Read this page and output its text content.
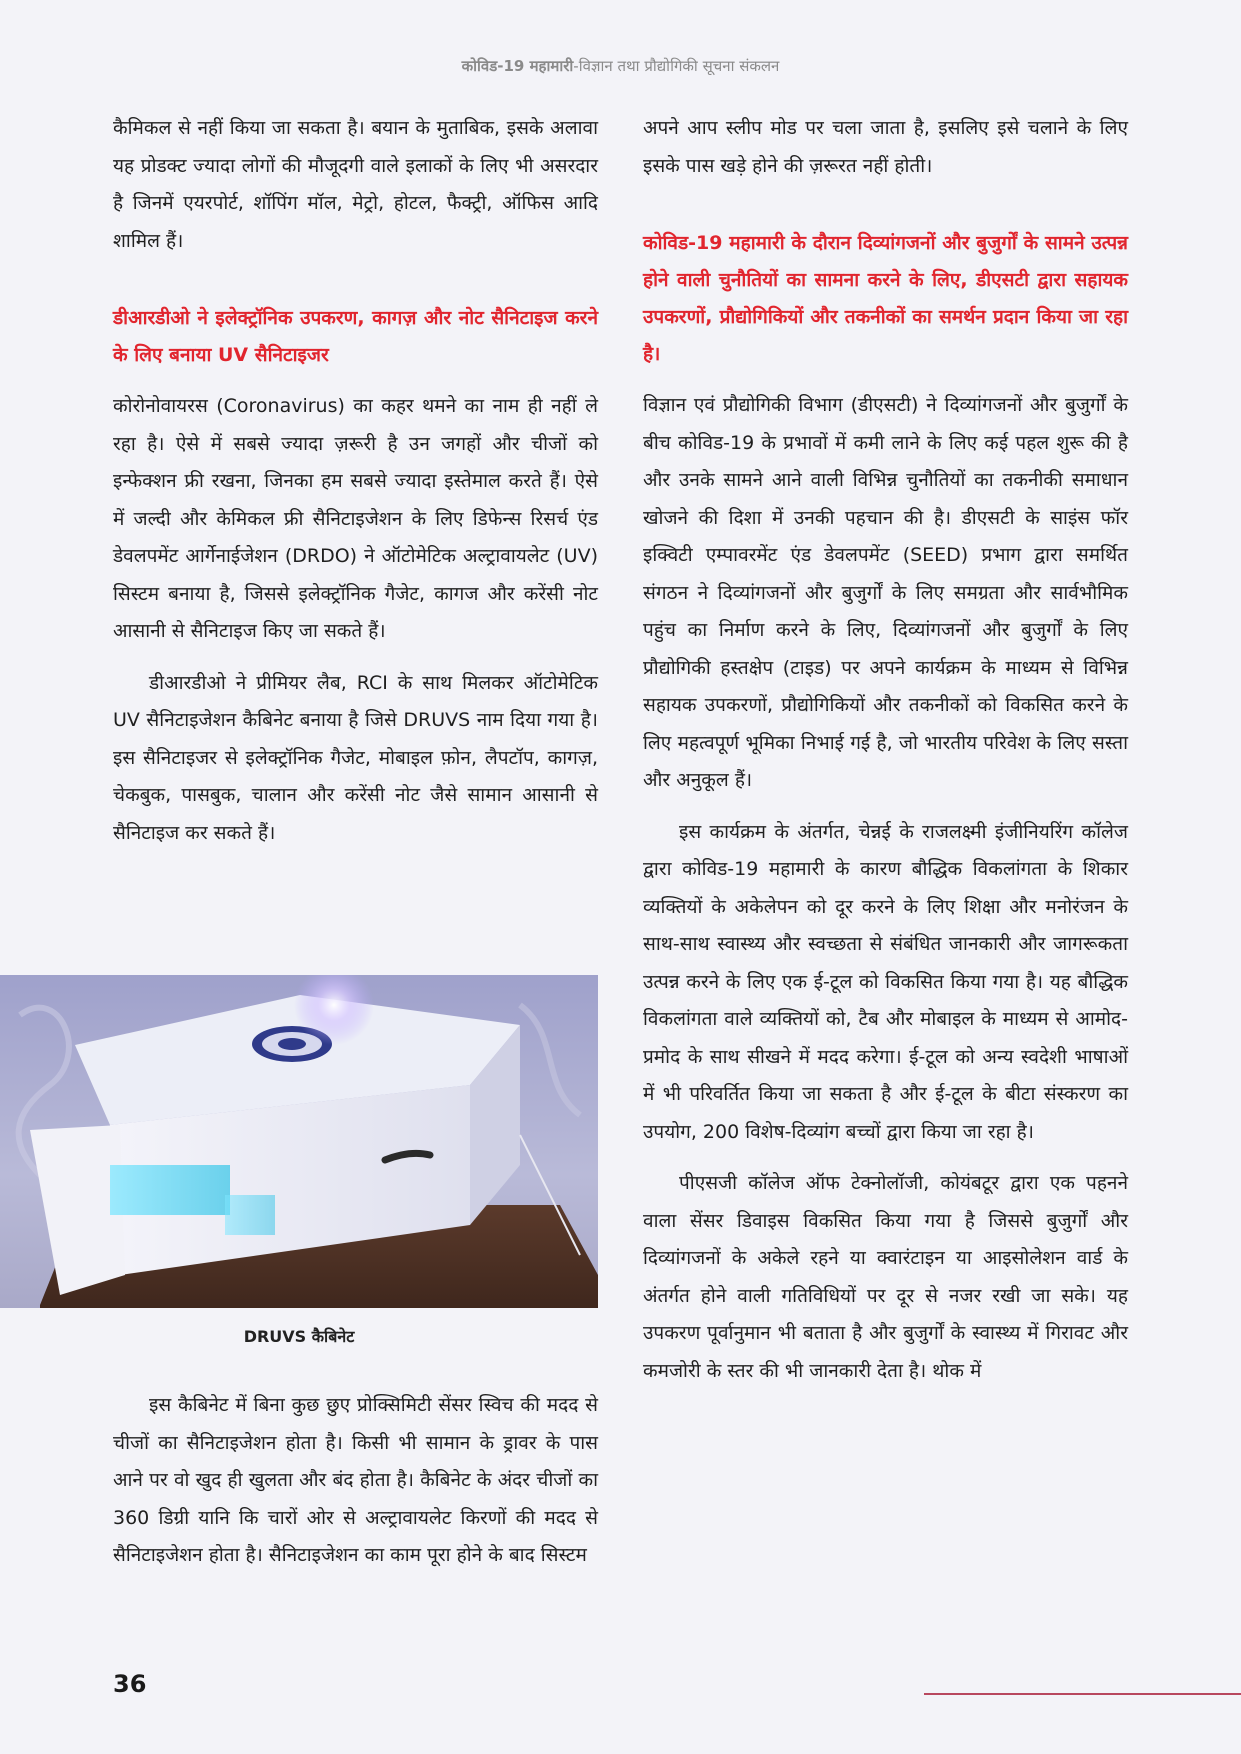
कोविड-19 महामारी-विज्ञान तथा प्रौद्योगिकी सूचना संकलन

कैमिकल से नहीं किया जा सकता है। बयान के मुताबिक, इसके अलावा यह प्रोडक्ट ज्यादा लोगों की मौजूदगी वाले इलाकों के लिए भी असरदार है जिनमें एयरपोर्ट, शॉपिंग मॉल, मेट्रो, होटल, फैक्ट्री, ऑफिस आदि शामिल हैं।

डीआरडीओ ने इलेक्ट्रॉनिक उपकरण, कागज़ और नोट सैनिटाइज करने के लिए बनाया UV सैनिटाइजर

कोरोनोवायरस (Coronavirus) का कहर थमने का नाम ही नहीं ले रहा है। ऐसे में सबसे ज्यादा ज़रूरी है उन जगहों और चीजों को इन्फेक्शन फ्री रखना, जिनका हम सबसे ज्यादा इस्तेमाल करते हैं। ऐसे में जल्दी और केमिकल फ्री सैनिटाइजेशन के लिए डिफेन्स रिसर्च एंड डेवलपमेंट आर्गेनाईजेशन (DRDO) ने ऑटोमेटिक अल्ट्रावायलेट (UV) सिस्टम बनाया है, जिससे इलेक्ट्रॉनिक गैजेट, कागज और करेंसी नोट आसानी से सैनिटाइज किए जा सकते हैं।

डीआरडीओ ने प्रीमियर लैब, RCI के साथ मिलकर ऑटोमेटिक UV सैनिटाइजेशन कैबिनेट बनाया है जिसे DRUVS नाम दिया गया है। इस सैनिटाइजर से इलेक्ट्रॉनिक गैजेट, मोबाइल फ़ोन, लैपटॉप, कागज़, चेकबुक, पासबुक, चालान और करेंसी नोट जैसे सामान आसानी से सैनिटाइज कर सकते हैं।

DRUVS कैबिनेट

इस कैबिनेट में बिना कुछ छुए प्रोक्सिमिटी सेंसर स्विच की मदद से चीजों का सैनिटाइजेशन होता है। किसी भी सामान के ड्रावर के पास आने पर वो खुद ही खुलता और बंद होता है। कैबिनेट के अंदर चीजों का 360 डिग्री यानि कि चारों ओर से अल्ट्रावायलेट किरणों की मदद से सैनिटाइजेशन होता है। सैनिटाइजेशन का काम पूरा होने के बाद सिस्टम

अपने आप स्लीप मोड पर चला जाता है, इसलिए इसे चलाने के लिए इसके पास खड़े होने की ज़रूरत नहीं होती।

कोविड-19 महामारी के दौरान दिव्यांगजनों और बुजुर्गों के सामने उत्पन्न होने वाली चुनौतियों का सामना करने के लिए, डीएसटी द्वारा सहायक उपकरणों, प्रौद्योगिकियों और तकनीकों का समर्थन प्रदान किया जा रहा है।

विज्ञान एवं प्रौद्योगिकी विभाग (डीएसटी) ने दिव्यांगजनों और बुजुर्गों के बीच कोविड-19 के प्रभावों में कमी लाने के लिए कई पहल शुरू की है और उनके सामने आने वाली विभिन्न चुनौतियों का तकनीकी समाधान खोजने की दिशा में उनकी पहचान की है। डीएसटी के साइंस फॉर इक्विटी एम्पावरमेंट एंड डेवलपमेंट (SEED) प्रभाग द्वारा समर्थित संगठन ने दिव्यांगजनों और बुजुर्गों के लिए समग्रता और सार्वभौमिक पहुंच का निर्माण करने के लिए, दिव्यांगजनों और बुजुर्गों के लिए प्रौद्योगिकी हस्तक्षेप (टाइड) पर अपने कार्यक्रम के माध्यम से विभिन्न सहायक उपकरणों, प्रौद्योगिकियों और तकनीकों को विकसित करने के लिए महत्वपूर्ण भूमिका निभाई गई है, जो भारतीय परिवेश के लिए सस्ता और अनुकूल हैं।

इस कार्यक्रम के अंतर्गत, चेन्नई के राजलक्ष्मी इंजीनियरिंग कॉलेज द्वारा कोविड-19 महामारी के कारण बौद्धिक विकलांगता के शिकार व्यक्तियों के अकेलेपन को दूर करने के लिए शिक्षा और मनोरंजन के साथ-साथ स्वास्थ्य और स्वच्छता से संबंधित जानकारी और जागरूकता उत्पन्न करने के लिए एक ई-टूल को विकसित किया गया है। यह बौद्धिक विकलांगता वाले व्यक्तियों को, टैब और मोबाइल के माध्यम से आमोद-प्रमोद के साथ सीखने में मदद करेगा। ई-टूल को अन्य स्वदेशी भाषाओं में भी परिवर्तित किया जा सकता है और ई-टूल के बीटा संस्करण का उपयोग, 200 विशेष-दिव्यांग बच्चों द्वारा किया जा रहा है।

पीएसजी कॉलेज ऑफ टेक्नोलॉजी, कोयंबटूर द्वारा एक पहनने वाला सेंसर डिवाइस विकसित किया गया है जिससे बुजुर्गों और दिव्यांगजनों के अकेले रहने या क्वारंटाइन या आइसोलेशन वार्ड के अंतर्गत होने वाली गतिविधियों पर दूर से नजर रखी जा सके। यह उपकरण पूर्वानुमान भी बताता है और बुजुर्गों के स्वास्थ्य में गिरावट और कमजोरी के स्तर की भी जानकारी देता है। थोक में

36
